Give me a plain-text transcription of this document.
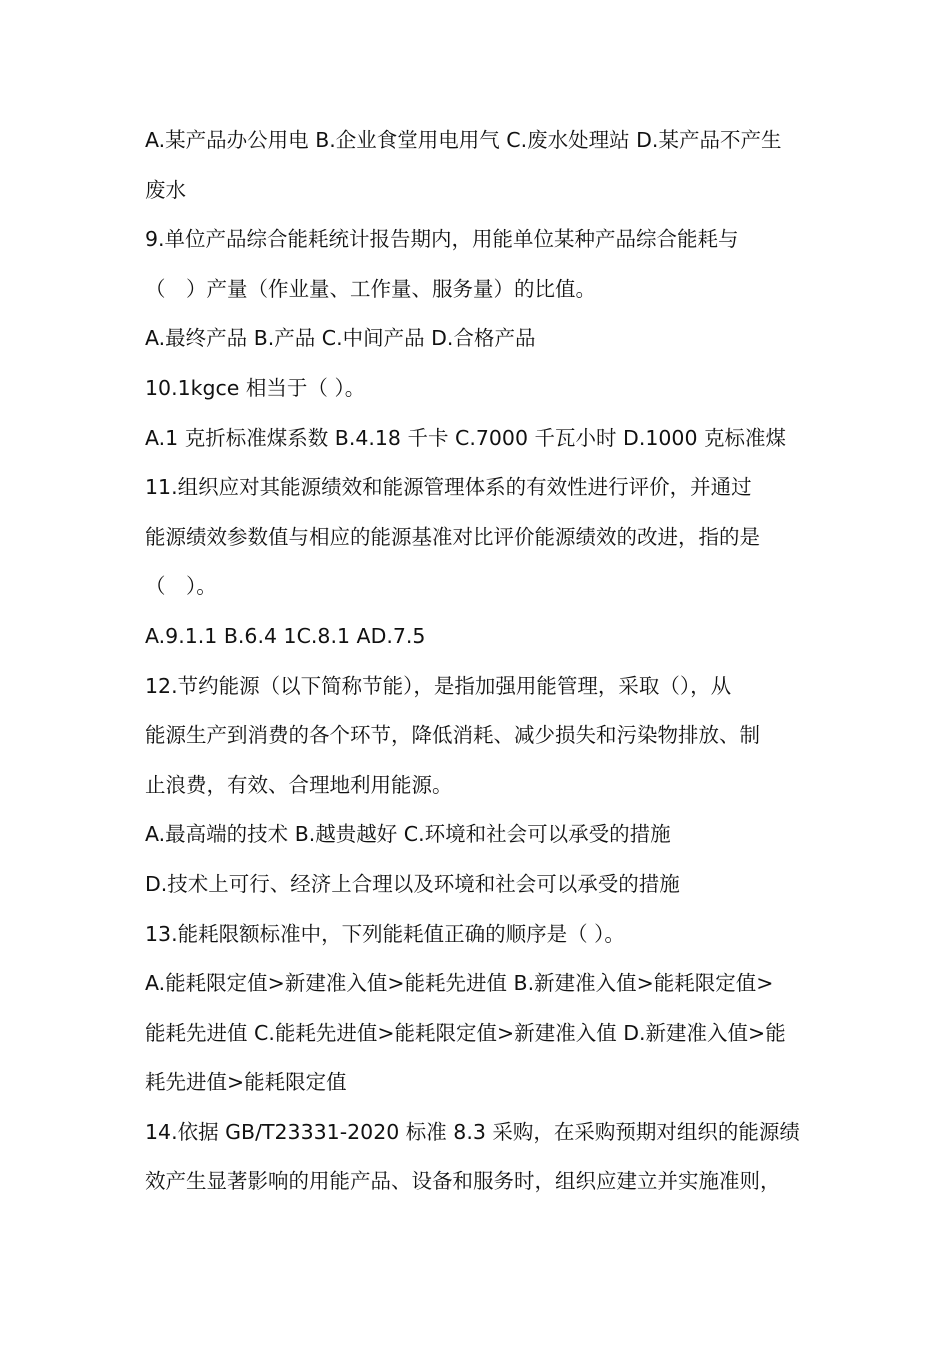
A.某产品办公用电 B.企业食堂用电用气 C.废水处理站 D.某产品不产生
废水
9.单位产品综合能耗统计报告期内，用能单位某种产品综合能耗与
（　）产量（作业量、工作量、服务量）的比值。
A.最终产品 B.产品 C.中间产品 D.合格产品
10.1kgce 相当于（ ）。
A.1 克折标准煤系数 B.4.18 千卡 C.7000 千瓦小时 D.1000 克标准煤
11.组织应对其能源绩效和能源管理体系的有效性进行评价，并通过
能源绩效参数值与相应的能源基准对比评价能源绩效的改进，指的是
（　）。
A.9.1.1 B.6.4 1C.8.1 AD.7.5
12.节约能源（以下简称节能），是指加强用能管理，采取（），从
能源生产到消费的各个环节，降低消耗、减少损失和污染物排放、制
止浪费，有效、合理地利用能源。
A.最高端的技术 B.越贵越好 C.环境和社会可以承受的措施
D.技术上可行、经济上合理以及环境和社会可以承受的措施
13.能耗限额标准中，下列能耗值正确的顺序是（ ）。
A.能耗限定值>新建准入值>能耗先进值 B.新建准入值>能耗限定值>
能耗先进值 C.能耗先进值>能耗限定值>新建准入值 D.新建准入值>能
耗先进值>能耗限定值
14.依据 GB/T23331-2020 标准 8.3 采购，在采购预期对组织的能源绩
效产生显著影响的用能产品、设备和服务时，组织应建立并实施准则，
